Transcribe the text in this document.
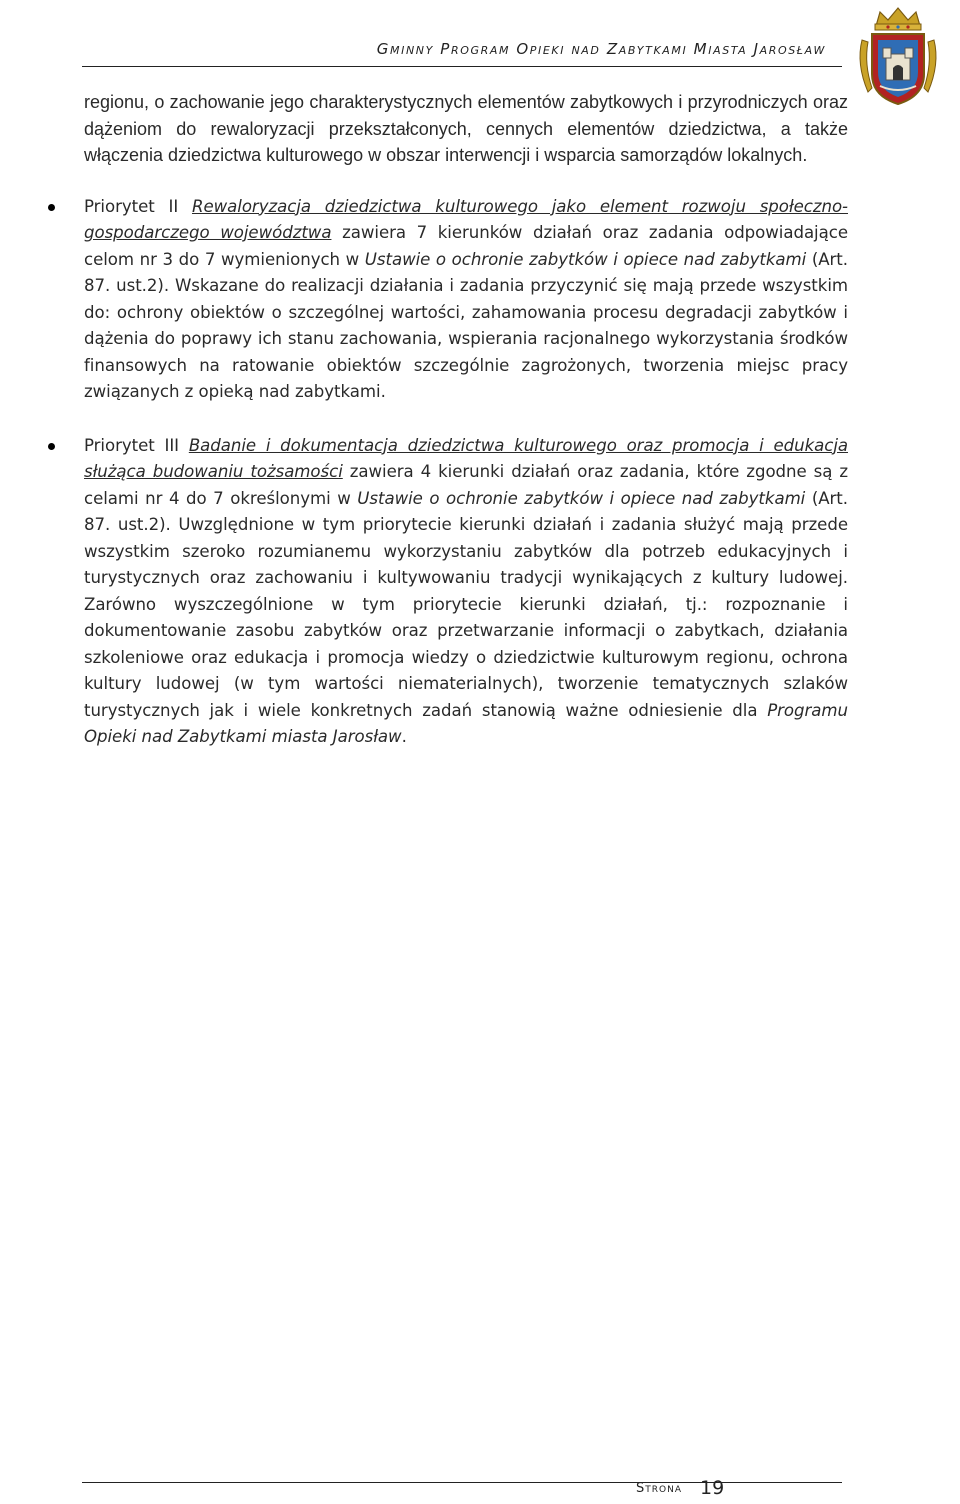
Gminny Program Opieki nad Zabytkami Miasta Jarosław

regionu, o zachowanie jego charakterystycznych elementów zabytkowych i przyrodniczych oraz dążeniom do rewaloryzacji przekształconych, cennych elementów dziedzictwa, a także włączenia dziedzictwa kulturowego w obszar interwencji i wsparcia samorządów lokalnych.

Priorytet II Rewaloryzacja dziedzictwa kulturowego jako element rozwoju społeczno-gospodarczego województwa zawiera 7 kierunków działań oraz zadania odpowiadające celom nr 3 do 7 wymienionych w Ustawie o ochronie zabytków i opiece nad zabytkami (Art. 87. ust.2). Wskazane do realizacji działania i zadania przyczynić się mają przede wszystkim do: ochrony obiektów o szczególnej wartości, zahamowania procesu degradacji zabytków i dążenia do poprawy ich stanu zachowania, wspierania racjonalnego wykorzystania środków finansowych na ratowanie obiektów szczególnie zagrożonych, tworzenia miejsc pracy związanych z opieką nad zabytkami.

Priorytet III Badanie i dokumentacja dziedzictwa kulturowego oraz promocja i edukacja służąca budowaniu tożsamości zawiera 4 kierunki działań oraz zadania, które zgodne są z celami nr 4 do 7 określonymi w Ustawie o ochronie zabytków i opiece nad zabytkami (Art. 87. ust.2). Uwzględnione w tym priorytecie kierunki działań i zadania służyć mają przede wszystkim szeroko rozumianemu wykorzystaniu zabytków dla potrzeb edukacyjnych i turystycznych oraz zachowaniu i kultywowaniu tradycji wynikających z kultury ludowej. Zarówno wyszczególnione w tym priorytecie kierunki działań, tj.: rozpoznanie i dokumentowanie zasobu zabytków oraz przetwarzanie informacji o zabytkach, działania szkoleniowe oraz edukacja i promocja wiedzy o dziedzictwie kulturowym regionu, ochrona kultury ludowej (w tym wartości niematerialnych), tworzenie tematycznych szlaków turystycznych jak i wiele konkretnych zadań stanowią ważne odniesienie dla Programu Opieki nad Zabytkami miasta Jarosław.

$^{Strona}$ 19
